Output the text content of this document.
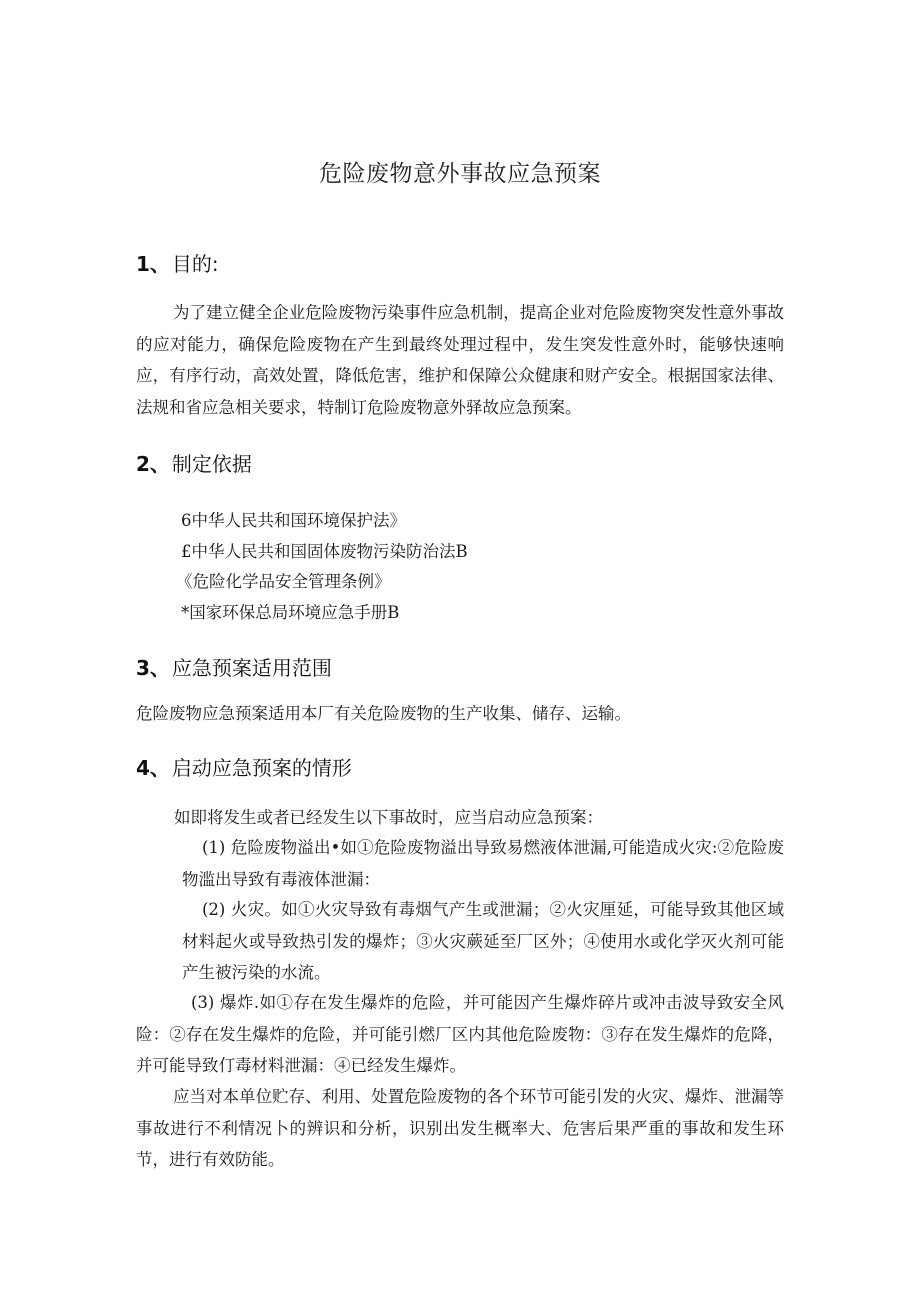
危险废物意外事故应急预案
1、 目的:

为了建立健全企业危险废物污染事件应急机制，提高企业对危险废物突发性意外事故的应对能力，确保危险废物在产生到最终处理过程中，发生突发性意外时，能够快速响应，有序行动，高效处置，降低危害，维护和保障公众健康和财产安全。根据国家法律、法规和省应急相关要求，特制订危险废物意外驿故应急预案。

2、 制定依据
6中华人民共和国环境保护法》
£中华人民共和国固体废物污染防治法B
《危险化学品安全管理条例》
*国家环保总局环境应急手册B
3、 应急预案适用范围
危险废物应急预案适用本厂有关危险废物的生产收集、储存、运输。
4、 启动应急预案的情形
如即将发生或者已经发生以下事故时，应当启动应急预案：

(1) 危险废物溢出•如①危险废物溢出导致易燃液体泄漏,可能造成火灾:②危险废物滥出导致有毒液体泄漏：

(2) 火灾。如①火灾导致有毒烟气产生或泄漏；②火灾厘延，可能导致其他区域材料起火或导致热引发的爆炸；③火灾蕨延至厂区外；④使用水或化学灭火剂可能产生被污染的水流。

(3) 爆炸.如①存在发生爆炸的危险，并可能因产生爆炸碎片或冲击波导致安全风险：②存在发生爆炸的危险，并可能引燃厂区内其他危险废物：③存在发生爆炸的危降，并可能导致仃毒材料泄漏：④已经发生爆炸。

应当对本单位贮存、利用、处置危险废物的各个环节可能引发的火灾、爆炸、泄漏等事故进行不利情况卜的辨识和分析，识别出发生概率大、危害后果严重的事故和发生环节，进行有效防能。
